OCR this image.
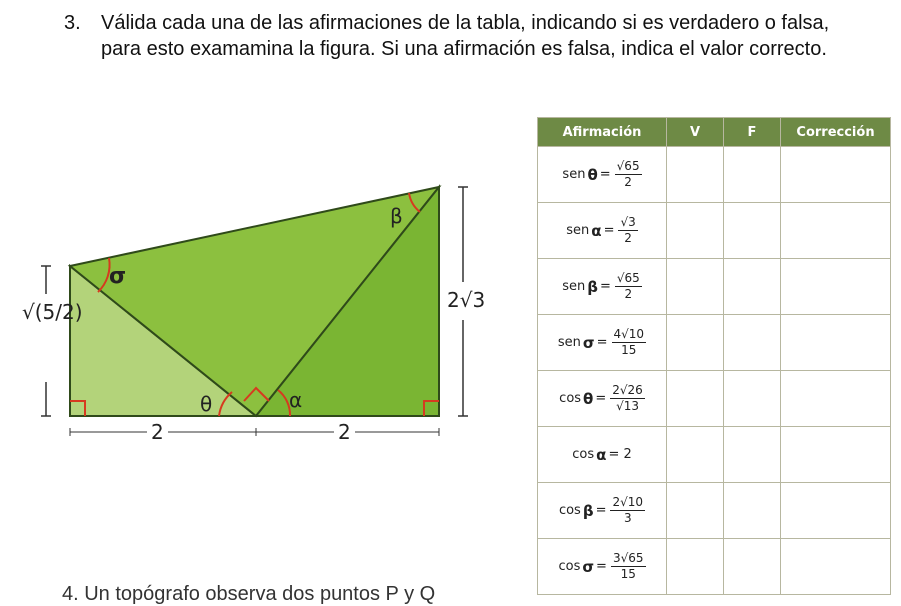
3. Válida cada una de las afirmaciones de la tabla, indicando si es verdadero o falsa, para esto examamina la figura. Si una afirmación es falsa, indica el valor correcto.
σ
β
θ	α
2	2
2√3
√(5/2)
Afirmación	V	F	Corrección

sen $\theta = \frac{√65}{2}$

sen $\alpha = \frac{√3}{2}$

sen $\beta = \frac{√65}{2}$

sen $\sigma = \frac{4√10}{15}$

$\cos \theta = \frac{2√26}{√13}$

cos α = 2			

$\cos \beta = \frac{2√10}{3}$

$\cos \sigma = \frac{3√65}{15}$

4. Un topógrafo observa dos puntos P y Q
